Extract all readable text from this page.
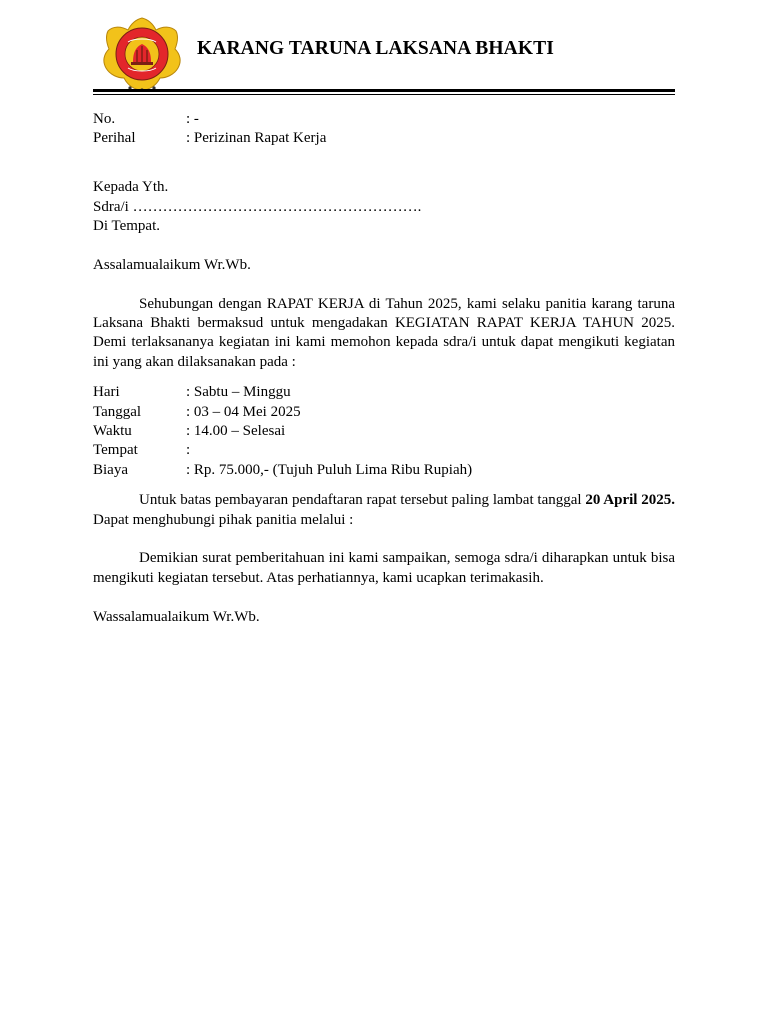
KARANG TARUNA LAKSANA BHAKTI
No.	: -
Perihal	: Perizinan Rapat Kerja
Kepada Yth.
Sdra/i ………………………………………………….
Di Tempat.
Assalamualaikum Wr.Wb.
Sehubungan dengan RAPAT KERJA di Tahun 2025, kami selaku panitia karang taruna Laksana Bhakti bermaksud untuk mengadakan KEGIATAN RAPAT KERJA TAHUN 2025. Demi terlaksananya kegiatan ini kami memohon kepada sdra/i untuk dapat mengikuti kegiatan ini yang akan dilaksanakan pada :
Hari	: Sabtu – Minggu
Tanggal	: 03 – 04 Mei 2025
Waktu	: 14.00 – Selesai
Tempat	:
Biaya	: Rp. 75.000,- (Tujuh Puluh Lima Ribu Rupiah)
Untuk batas pembayaran pendaftaran rapat tersebut paling lambat tanggal 20 April 2025. Dapat menghubungi pihak panitia melalui :
Demikian surat pemberitahuan ini kami sampaikan, semoga sdra/i diharapkan untuk bisa mengikuti kegiatan tersebut. Atas perhatiannya, kami ucapkan terimakasih.
Wassalamualaikum Wr.Wb.
